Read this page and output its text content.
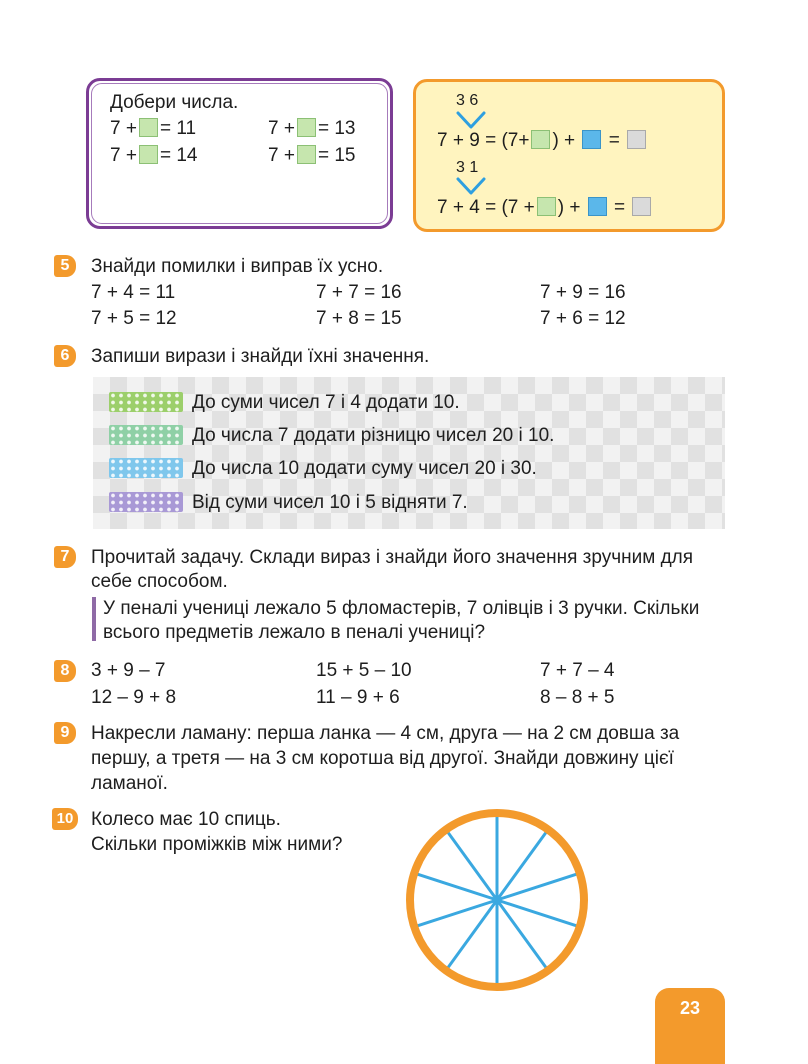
Добери числа.
7 + = 11	7 + = 13
7 + = 14	7 + = 15
3 6
7 + 9 = (7+ ) + =
3 1
7 + 4 = (7 + ) + =
5	Знайди помилки і виправ їх усно.
7 + 4 = 11	7 + 7 = 16	7 + 9 = 16
7 + 5 = 12	7 + 8 = 15	7 + 6 = 12
6	Запиши вирази і знайди їхні значення.
До суми чисел 7 і 4 додати 10.
До числа 7 додати різницю чисел 20 і 10.
До числа 10 додати суму чисел 20 і 30.
Від суми чисел 10 і 5 відняти 7.
7	Прочитай задачу. Склади вираз і знайди його значення зручним для
себе способом.
У пеналі учениці лежало 5 фломастерів, 7 олівців і 3 ручки. Скільки
всього предметів лежало в пеналі учениці?
8	3 + 9 – 7	15 + 5 – 10	7 + 7 – 4
12 – 9 + 8	11 – 9 + 6	8 – 8 + 5
9	Накресли ламану: перша ланка — 4 см, друга — на 2 см довша за
першу, а третя — на 3 см коротша від другої. Знайди довжину цієї
ламаної.
10 Колесо має 10 спиць.
Скільки проміжків між ними?
23
